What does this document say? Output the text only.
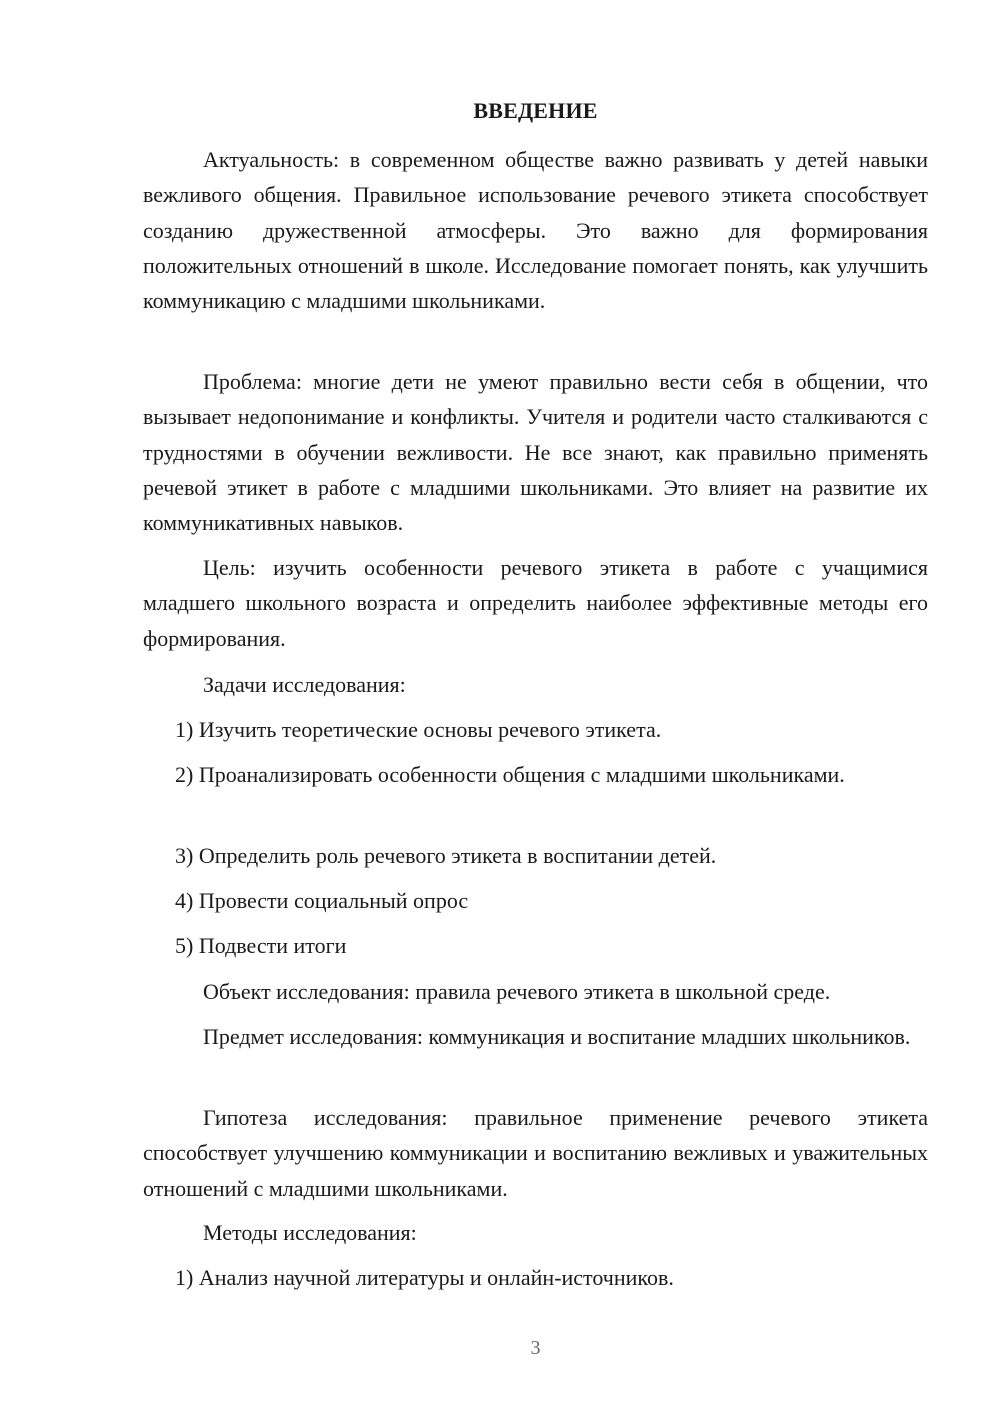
ВВЕДЕНИЕ

Актуальность: в современном обществе важно развивать у детей навыки вежливого общения. Правильное использование речевого этикета способствует созданию дружественной атмосферы. Это важно для формирования положительных отношений в школе. Исследование помогает понять, как улучшить коммуникацию с младшими школьниками.

Проблема: многие дети не умеют правильно вести себя в общении, что вызывает недопонимание и конфликты. Учителя и родители часто сталкиваются с трудностями в обучении вежливости. Не все знают, как правильно применять речевой этикет в работе с младшими школьниками. Это влияет на развитие их коммуникативных навыков.

Цель: изучить особенности речевого этикета в работе с учащимися младшего школьного возраста и определить наиболее эффективные методы его формирования.

Задачи исследования:

1) Изучить теоретические основы речевого этикета.

2) Проанализировать особенности общения с младшими школьниками.

3) Определить роль речевого этикета в воспитании детей.

4) Провести социальный опрос

5) Подвести итоги

Объект исследования: правила речевого этикета в школьной среде.

Предмет исследования: коммуникация и воспитание младших школьников.

Гипотеза исследования: правильное применение речевого этикета способствует улучшению коммуникации и воспитанию вежливых и уважительных отношений с младшими школьниками.

Методы исследования:

1) Анализ научной литературы и онлайн-источников.

3
